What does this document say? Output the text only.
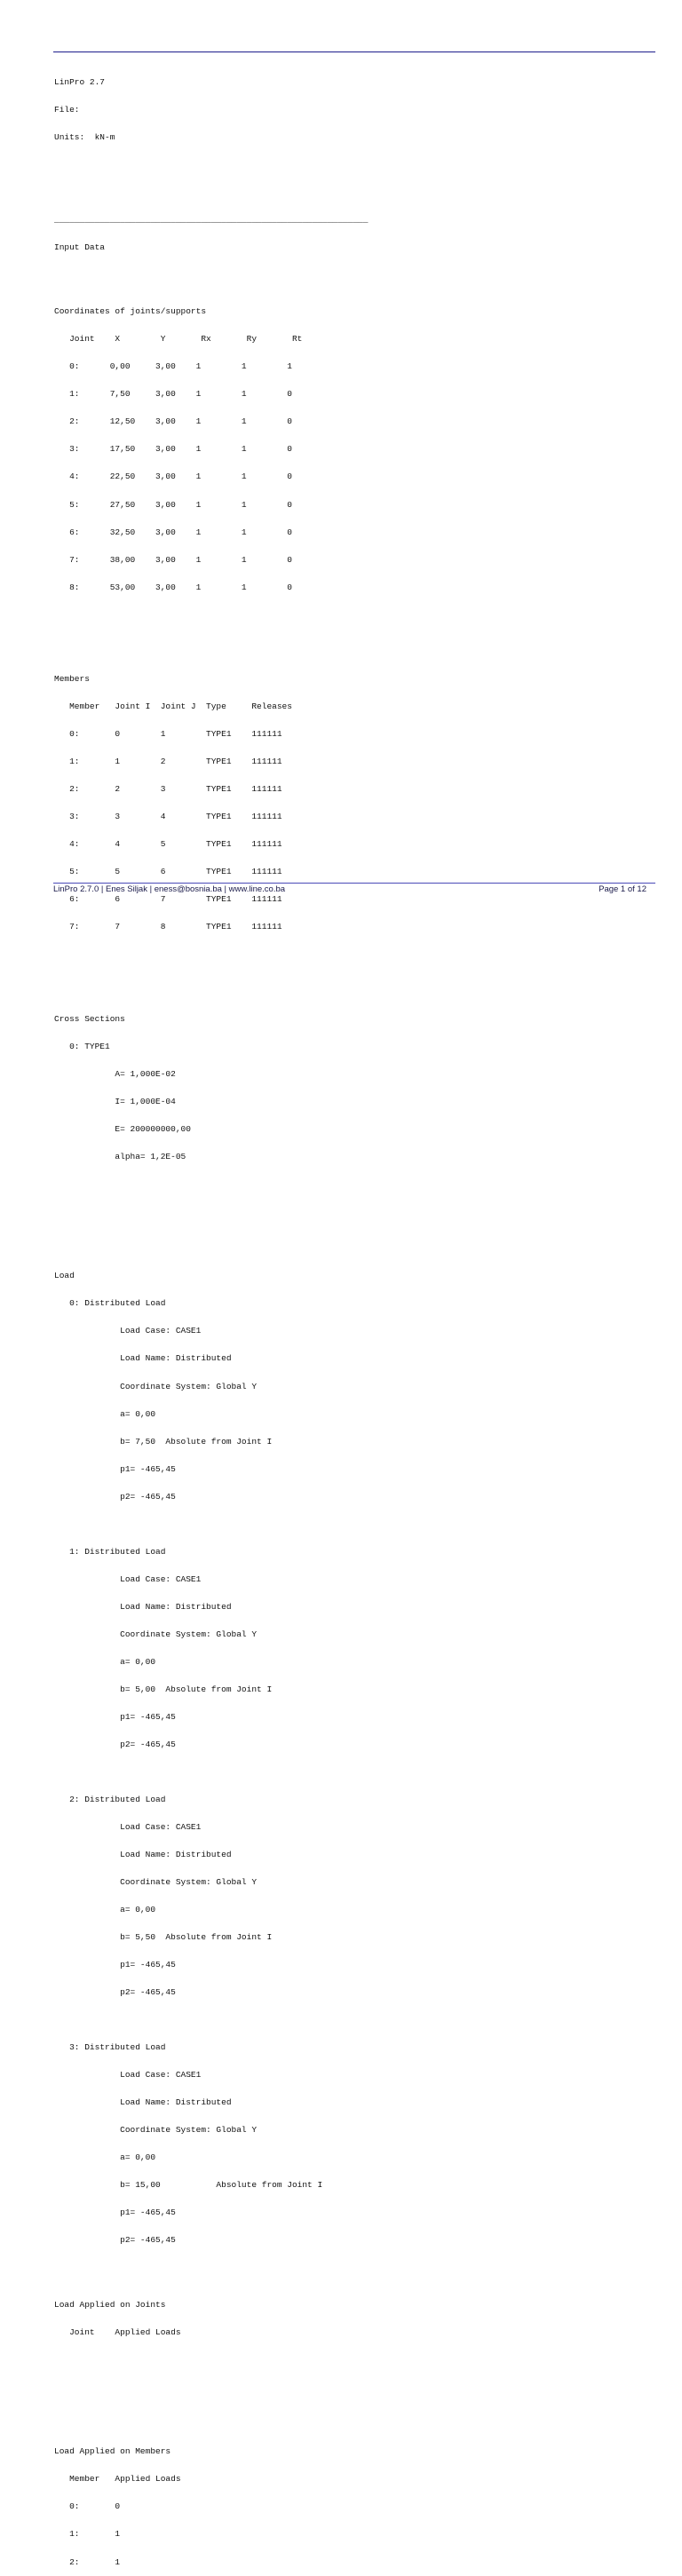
LinPro 2.7

File:

Units:  kN-m

______________________________________________________________

Input Data

Coordinates of joints/supports

Joint    X        Y       Rx       Ry       Rt

0:      0,00     3,00    1        1        1

1:      7,50     3,00    1        1        0

2:      12,50    3,00    1        1        0

3:      17,50    3,00    1        1        0

4:      22,50    3,00    1        1        0

5:      27,50    3,00    1        1        0

6:      32,50    3,00    1        1        0

7:      38,00    3,00    1        1        0

8:      53,00    3,00    1        1        0

Members

Member   Joint I  Joint J  Type     Releases

0:       0        1        TYPE1    111111

1:       1        2        TYPE1    111111

2:       2        3        TYPE1    111111

3:       3        4        TYPE1    111111

4:       4        5        TYPE1    111111

5:       5        6        TYPE1    111111

6:       6        7        TYPE1    111111

7:       7        8        TYPE1    111111

Cross Sections

0: TYPE1

A= 1,000E-02

I= 1,000E-04

E= 200000000,00

alpha= 1,2E-05

Load

0: Distributed Load

Load Case: CASE1

Load Name: Distributed

Coordinate System: Global Y

a= 0,00

b= 7,50  Absolute from Joint I

p1= -465,45

p2= -465,45

1: Distributed Load

Load Case: CASE1

Load Name: Distributed

Coordinate System: Global Y

a= 0,00

b= 5,00  Absolute from Joint I

p1= -465,45

p2= -465,45

2: Distributed Load

Load Case: CASE1

Load Name: Distributed

Coordinate System: Global Y

a= 0,00

b= 5,50  Absolute from Joint I

p1= -465,45

p2= -465,45

3: Distributed Load

Load Case: CASE1

Load Name: Distributed

Coordinate System: Global Y

a= 0,00

b= 15,00           Absolute from Joint I

p1= -465,45

p2= -465,45

Load Applied on Joints

Joint    Applied Loads

Load Applied on Members

Member   Applied Loads

0:       0

1:       1

2:       1

LinPro 2.7.0 | Enes Siljak | eness@bosnia.ba | www.line.co.ba	Page 1 of 12
